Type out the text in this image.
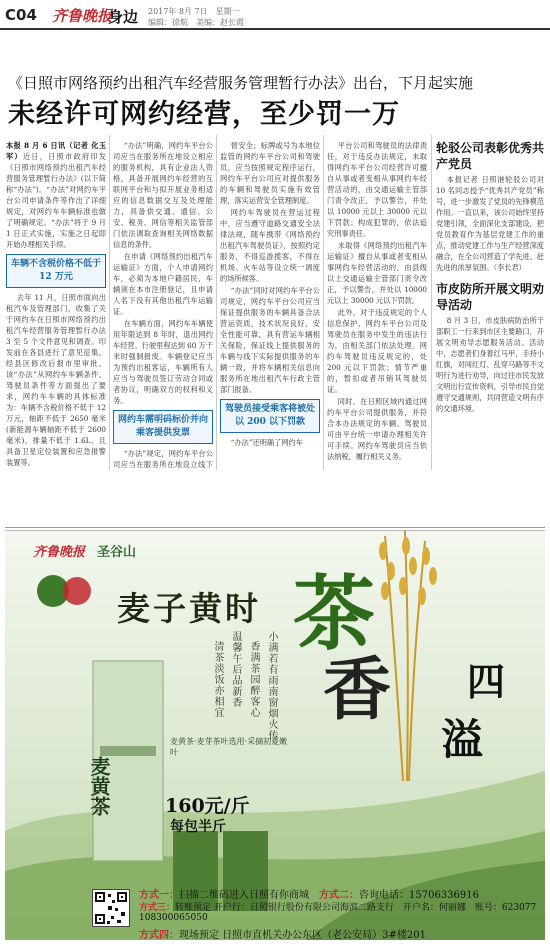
C04 齐鲁晚报
身边 2017年 8月 7日　星期一
编辑：徐航　美编：赵长霞
《日照市网络预约出租汽车经营服务管理暂行办法》出台，下月起实施
未经许可网约经营，至少罚一万

本报 8 月 6 日讯（记者 化玉军）近日，日照市政府印发《日照市网络预约出租汽车经营服务管理暂行办法》(以下简称“办法”)。“办法”对网约车平台公司申请条件等作出了详细规定，对网约车车辆标准也做了明确规定。“办法”将于 9 月 1 日正式实施，实施之日起即开始办理相关手续。

车辆不含税价格不低于 12 万元

去年 11 月，日照市面向出租汽车及管理部门，收集了关于网约车在日照市网络预约出租汽车经营服务管理暂行办法 3 至 5 个文件意见和调查。印发前在各县进行了意见征集，经县区修改后报市里审批。该“办法”从网约车车辆条件、驾驶员条件等方面提出了要求，网约车车辆的具体标准为：车辆不含税价格不低于 12 万元，轴距不低于 2650 毫米(新能源车辆轴距不低于 2600 毫米)，排量不低于 1.6L，且具备卫星定位装置和应急报警装置等。

“办法”明确，网约车平台公司应当在服务所在地设立相应的服务机构，具有企业法人资格，具备开展网约车经营的互联网平台和与拟开展业务相适应的信息数据交互及处理能力，具备供交通、通信、公安、税务、网信等相关监管部门依法调取查询相关网络数据信息的条件。

在申请《网络预约出租汽车运输证》方面，个人申请网约车，必须为本地户籍居民，车辆须在本市注册登记，且申请人名下没有其他出租汽车运输证。

在车辆方面，网约车车辆使用年限达到 8 年时，退出网约车经营。行驶里程达到 60 万千米时强制报废。车辆登记应当为预约出租客运，车辆所有人应当与驾驶员签订劳动合同或者协议，明确双方的权利和义务。

网约车需明码标价并向乘客提供发票

“办法”规定，网约车平台公司应当在服务所在地设立线下

督安全；标牌或号为本地位监管的网约车平台公司和驾驶员，应当按照规定程序运行，网约车平台公司应对提供服务的车辆和驾驶员实施有效管理，落实运营安全管理制度。

网约车驾驶员在营运过程中，应当遵守道路交通安全法律法规，随车携带《网络预约出租汽车驾驶员证》，按照约定服务，不得巡游揽客，不得在机场、火车站等设立统一调度的场所候客。

“办法”同时对网约车平台公司规定，网约车平台公司应当保证提供服务的车辆具备合法营运资质，技术状况良好，安全性能可靠，具有营运车辆相关保险，保证线上提供服务的车辆与线下实际提供服务的车辆一致，并将车辆相关信息向服务所在地出租汽车行政主管部门报备。

驾驶员接受乘客将被处以 200 以下罚款

“办法”还明确了网约车

平台公司和驾驶员的法律责任，对于违反办法规定，未取得网约车平台公司经营许可擅自从事或者变相从事网约车经营活动的，由交通运输主管部门责令改正，予以警告，并处以 10000 元以上 30000 元以下罚款；构成犯罪的，依法追究刑事责任。

未取得《网络预约出租汽车运输证》擅自从事或者变相从事网约车经营活动的，由县级以上交通运输主管部门责令改正，予以警告，并处以 10000 元以上 30000 元以下罚款。

此外，对于违反规定的个人信息保护、网约车平台公司及驾驶员在服务中发生的违法行为，由相关部门依法处理。网约车驾驶员违反规定的，处 200 元以下罚款；情节严重的，暂扣或者吊销其驾驶员证。

同时，在日照区域内通过网约车平台公司提供服务，并符合本办法规定的车辆、驾驶员可由平台统一申请办理相关许可手续。网约车驾驶员应当依法纳税，履行相关义务。

轮驳公司表彰优秀共产党员

本报记者 日照港轮驳公司对 10 名同志授予“优秀共产党员”称号，进一步激发了党员的先锋模范作用。一直以来，该公司始终坚持党建引领，全面深化支部建设，把党员教育作为基层党建工作的重点，推动党建工作与生产经营深度融合，在全公司营造了学先进、赶先进的浓厚氛围。（李长君）

市皮防所开展文明劝导活动

8 月 3 日，市皮肤病防治所干部职工一行来到市区主要路口，开展文明劝导志愿服务活动。活动中，志愿者们身着红马甲，手持小红旗，对闯红灯、乱穿马路等不文明行为进行劝导，向过往市民发放文明出行宣传资料，引导市民自觉遵守交通规则，共同营造文明有序的交通环境。

齐鲁晚报 圣谷山
麦子黄时 茶
香 四
溢
小满若有雨南窗烟火传
香满茶园醉客心
温馨午后品新香
清茶淡饭亦相宜
麦黄茶
麦黄茶·麦芽茶叶选用·采摘初夏嫩叶
160元/斤
每包半斤
方式一：扫描二维码进入日照有你商城　 方式二：咨询电话：15706336916
方式三：转账预定 开户行：日照银行股份有限公司海滨二路支行　开户名：何丽娜　账号：623077 108300065050
方式四：现场预定 日照市直机关办公东区（老公安局）3#楼201
